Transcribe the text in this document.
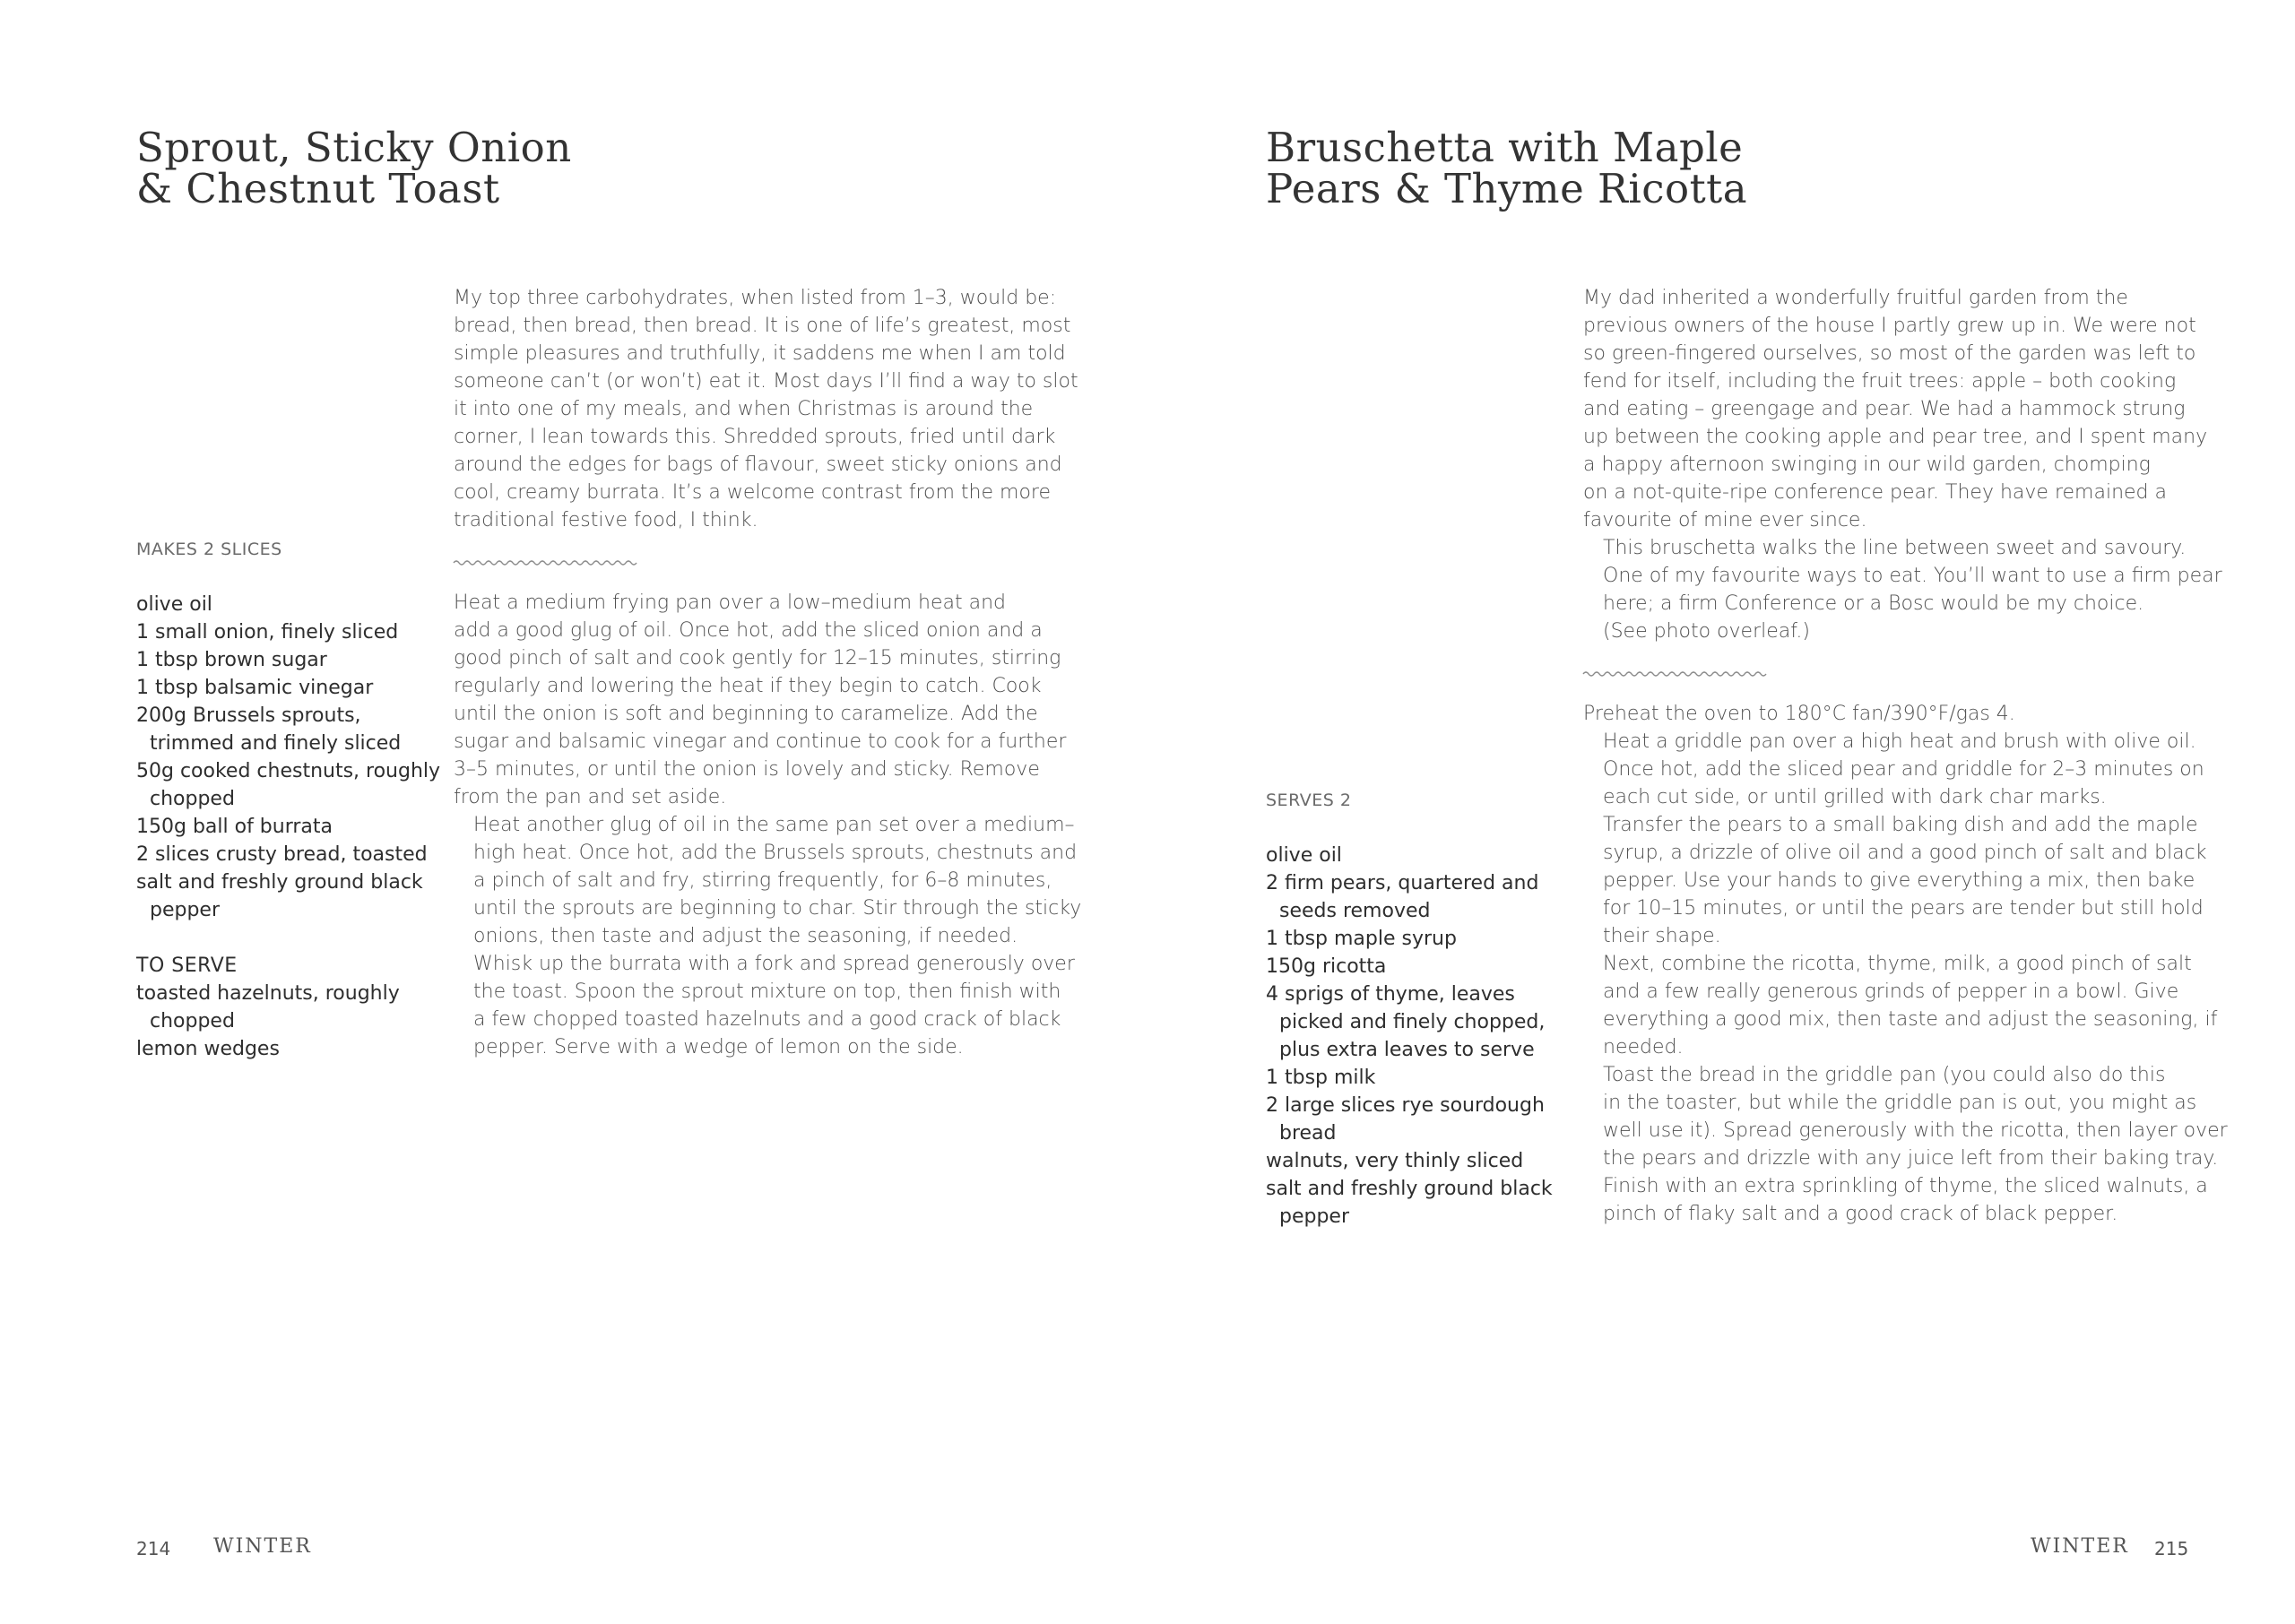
Sprout, Sticky Onion
& Chestnut Toast

My top three carbohydrates, when listed from 1–3, would be:
bread, then bread, then bread. It is one of life’s greatest, most
simple pleasures and truthfully, it saddens me when I am told
someone can’t (or won’t) eat it. Most days I’ll find a way to slot
it into one of my meals, and when Christmas is around the
corner, I lean towards this. Shredded sprouts, fried until dark
around the edges for bags of flavour, sweet sticky onions and
cool, creamy burrata. It’s a welcome contrast from the more
traditional festive food, I think.

MAKES 2 SLICES

olive oil
1 small onion, finely sliced
1 tbsp brown sugar
1 tbsp balsamic vinegar
200g Brussels sprouts,
trimmed and finely sliced
50g cooked chestnuts, roughly
chopped
150g ball of burrata
2 slices crusty bread, toasted
salt and freshly ground black
pepper
TO SERVE
toasted hazelnuts, roughly
chopped
lemon wedges

Heat a medium frying pan over a low–medium heat and
add a good glug of oil. Once hot, add the sliced onion and a
good pinch of salt and cook gently for 12–15 minutes, stirring
regularly and lowering the heat if they begin to catch. Cook
until the onion is soft and beginning to caramelize. Add the
sugar and balsamic vinegar and continue to cook for a further
3–5 minutes, or until the onion is lovely and sticky. Remove
from the pan and set aside.

Heat another glug of oil in the same pan set over a medium–
high heat. Once hot, add the Brussels sprouts, chestnuts and
a pinch of salt and fry, stirring frequently, for 6–8 minutes,
until the sprouts are beginning to char. Stir through the sticky
onions, then taste and adjust the seasoning, if needed.

Whisk up the burrata with a fork and spread generously over
the toast. Spoon the sprout mixture on top, then finish with
a few chopped toasted hazelnuts and a good crack of black
pepper. Serve with a wedge of lemon on the side.

214 WINTER
Bruschetta with Maple
Pears & Thyme Ricotta

My dad inherited a wonderfully fruitful garden from the
previous owners of the house I partly grew up in. We were not
so green-fingered ourselves, so most of the garden was left to
fend for itself, including the fruit trees: apple – both cooking
and eating – greengage and pear. We had a hammock strung
up between the cooking apple and pear tree, and I spent many
a happy afternoon swinging in our wild garden, chomping
on a not-quite-ripe conference pear. They have remained a
favourite of mine ever since.

This bruschetta walks the line between sweet and savoury.
One of my favourite ways to eat. You’ll want to use a firm pear
here; a firm Conference or a Bosc would be my choice.

(See photo overleaf.)

SERVES 2

olive oil
2 firm pears, quartered and
seeds removed
1 tbsp maple syrup
150g ricotta
4 sprigs of thyme, leaves
picked and finely chopped,
plus extra leaves to serve
1 tbsp milk
2 large slices rye sourdough
bread
walnuts, very thinly sliced
salt and freshly ground black
pepper

Preheat the oven to 180°C fan/390°F/gas 4.

Heat a griddle pan over a high heat and brush with olive oil.
Once hot, add the sliced pear and griddle for 2–3 minutes on
each cut side, or until grilled with dark char marks.

Transfer the pears to a small baking dish and add the maple
syrup, a drizzle of olive oil and a good pinch of salt and black
pepper. Use your hands to give everything a mix, then bake
for 10–15 minutes, or until the pears are tender but still hold
their shape.

Next, combine the ricotta, thyme, milk, a good pinch of salt
and a few really generous grinds of pepper in a bowl. Give
everything a good mix, then taste and adjust the seasoning, if
needed.

Toast the bread in the griddle pan (you could also do this
in the toaster, but while the griddle pan is out, you might as
well use it). Spread generously with the ricotta, then layer over
the pears and drizzle with any juice left from their baking tray.
Finish with an extra sprinkling of thyme, the sliced walnuts, a
pinch of flaky salt and a good crack of black pepper.

WINTER 215
